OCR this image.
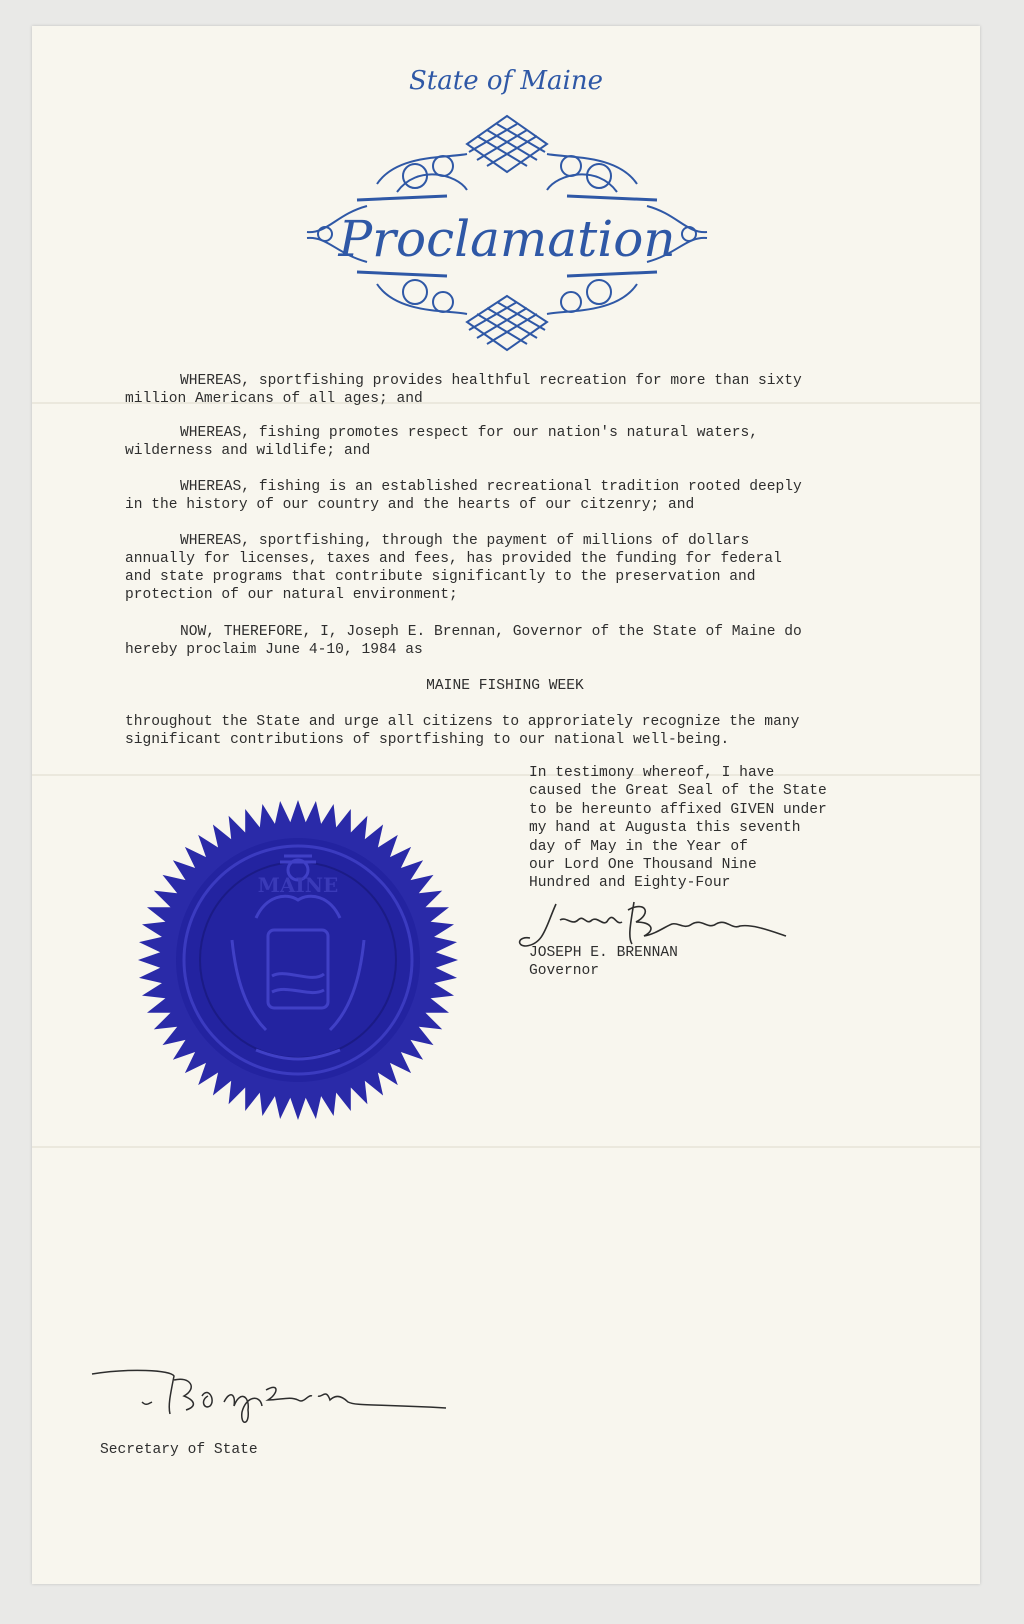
State of Maine
Proclamation
WHEREAS, sportfishing provides healthful recreation for more than sixty
million Americans of all ages; and
WHEREAS, fishing promotes respect for our nation's natural waters,
wilderness and wildlife; and
WHEREAS, fishing is an established recreational tradition rooted deeply
in the history of our country and the hearts of our citzenry; and
WHEREAS, sportfishing, through the payment of millions of dollars
annually for licenses, taxes and fees, has provided the funding for federal
and state programs that contribute significantly to the preservation and
protection of our natural environment;
NOW, THEREFORE, I, Joseph E. Brennan, Governor of the State of Maine do
hereby proclaim June 4-10, 1984 as
MAINE FISHING WEEK
throughout the State and urge all citizens to approriately recognize the many
significant contributions of sportfishing to our national well-being.
MAINE
In testimony whereof, I have
caused the Great Seal of the State
to be hereunto affixed GIVEN under
my hand at Augusta this seventh
day of May in the Year of
our Lord One Thousand Nine
Hundred and Eighty-Four
Joseph E Brennan
JOSEPH E. BRENNAN
Governor
Secretary of State
